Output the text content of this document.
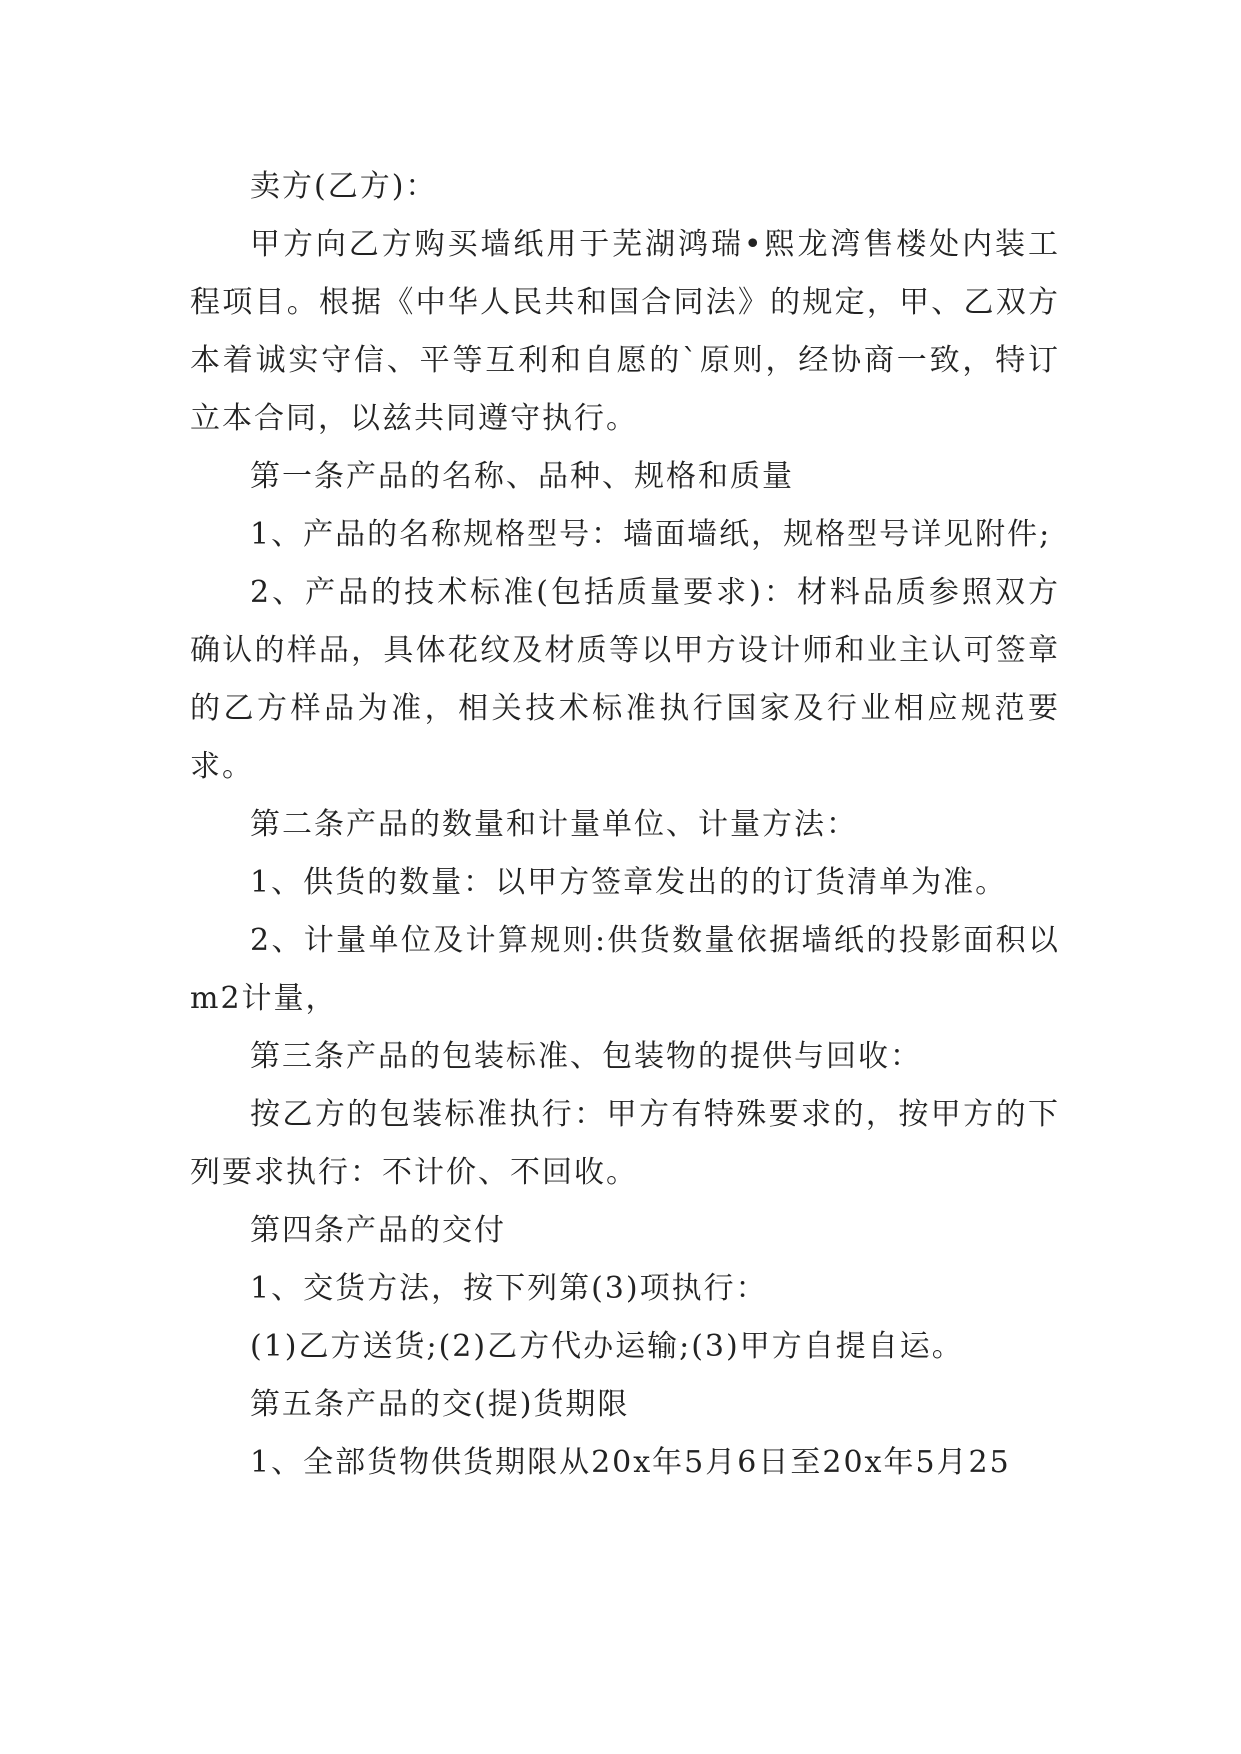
卖方(乙方)：

甲方向乙方购买墙纸用于芜湖鸿瑞•熙龙湾售楼处内装工程项目。根据《中华人民共和国合同法》的规定，甲、乙双方本着诚实守信、平等互利和自愿的`原则，经协商一致，特订立本合同，以兹共同遵守执行。

第一条产品的名称、品种、规格和质量

1、产品的名称规格型号：墙面墙纸，规格型号详见附件;

2、产品的技术标准(包括质量要求)：材料品质参照双方确认的样品，具体花纹及材质等以甲方设计师和业主认可签章的乙方样品为准，相关技术标准执行国家及行业相应规范要求。

第二条产品的数量和计量单位、计量方法：

1、供货的数量：以甲方签章发出的的订货清单为准。

2、计量单位及计算规则:供货数量依据墙纸的投影面积以m2计量，

第三条产品的包装标准、包装物的提供与回收：

按乙方的包装标准执行：甲方有特殊要求的，按甲方的下列要求执行：不计价、不回收。

第四条产品的交付

1、交货方法，按下列第(3)项执行：

(1)乙方送货;(2)乙方代办运输;(3)甲方自提自运。

第五条产品的交(提)货期限

1、全部货物供货期限从20x年5月6日至20x年5月25
